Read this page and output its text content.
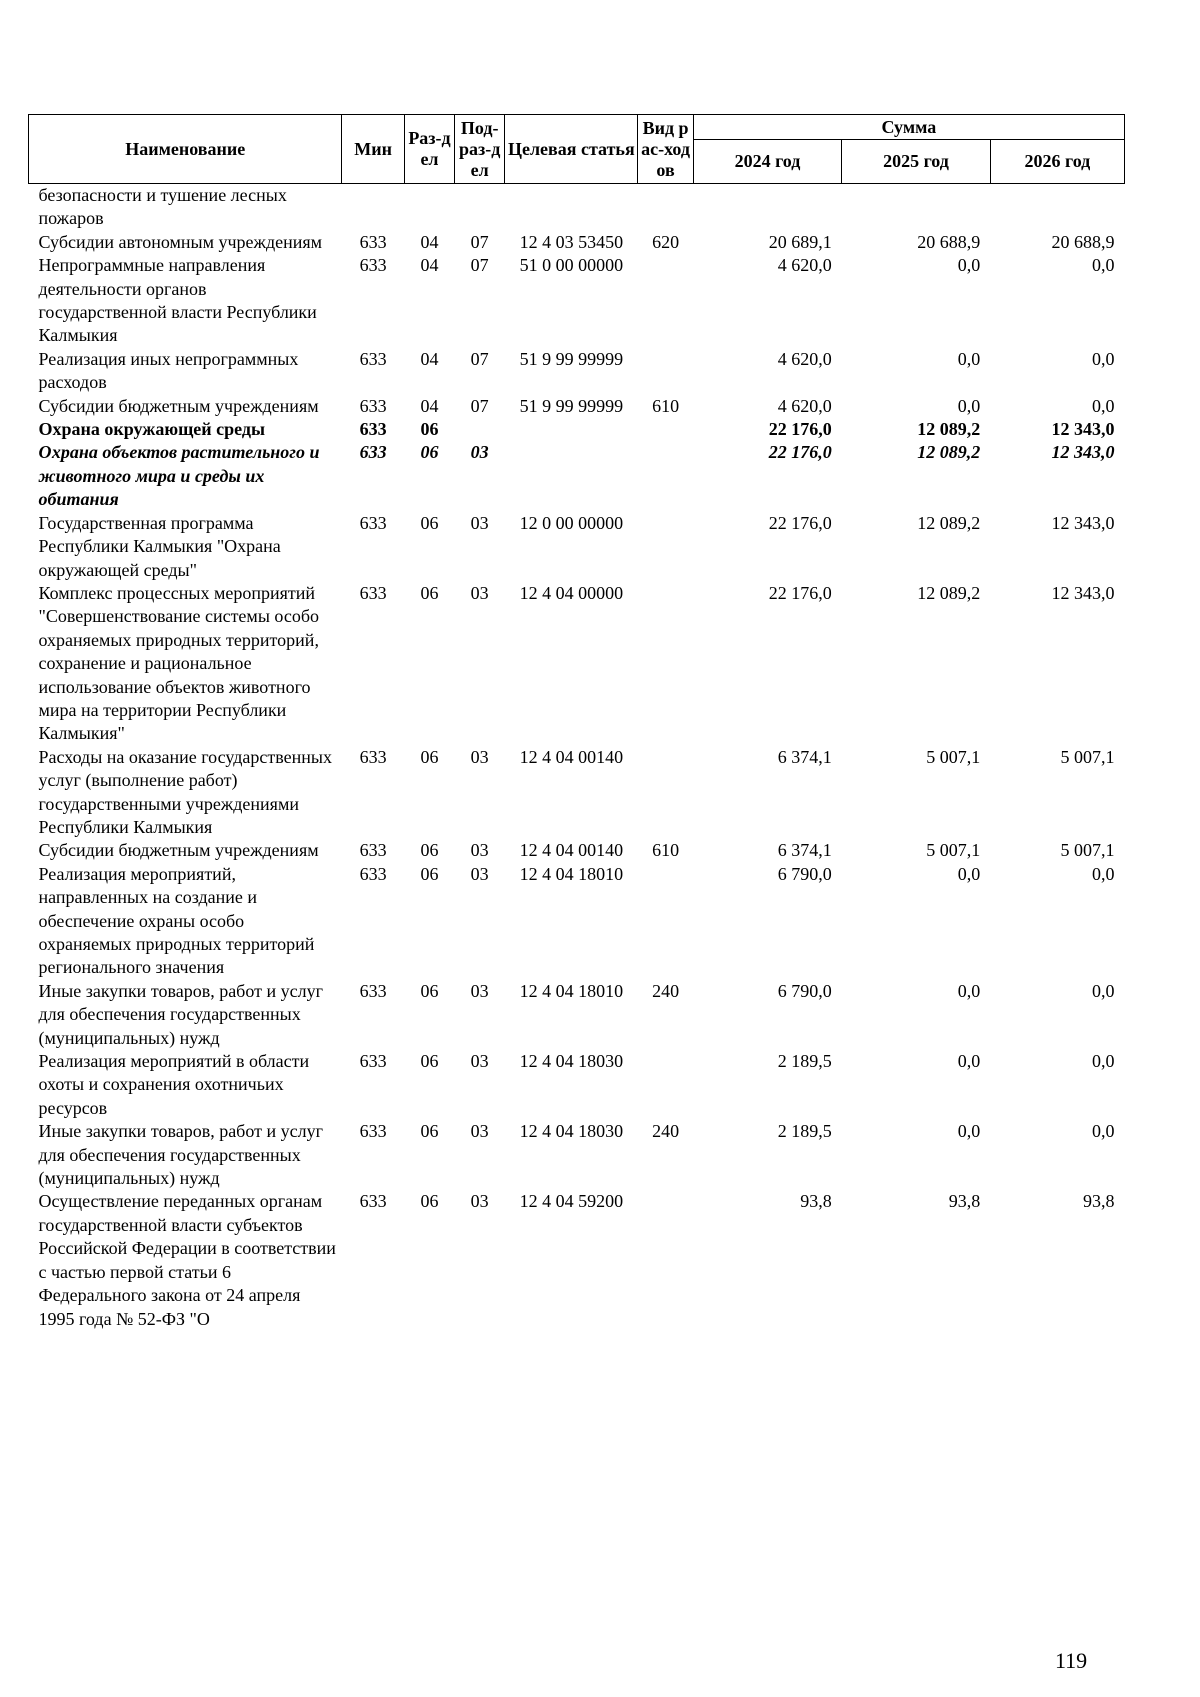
Наименование	Мин	Раз-дел	Под-раз-дел	Целевая статья	Вид рас-ходов	Сумма		
						2024 год	2025 год	2026 год
безопасности и тушение лесных пожаров								
Субсидии автономным учреждениям	633	04	07	12 4 03 53450	620	20 689,1	20 688,9	20 688,9
Непрограммные направления деятельности органов государственной власти Республики Калмыкия	633	04	07	51 0 00 00000		4 620,0	0,0	0,0
Реализация иных непрограммных расходов	633	04	07	51 9 99 99999		4 620,0	0,0	0,0
Субсидии бюджетным учреждениям	633	04	07	51 9 99 99999	610	4 620,0	0,0	0,0
Охрана окружающей среды	633	06				22 176,0	12 089,2	12 343,0
Охрана объектов растительного и животного мира и среды их обитания	633	06	03			22 176,0	12 089,2	12 343,0
Государственная программа Республики Калмыкия "Охрана окружающей среды"	633	06	03	12 0 00 00000		22 176,0	12 089,2	12 343,0
Комплекс процессных мероприятий "Совершенствование системы особо охраняемых природных территорий, сохранение и рациональное использование объектов животного мира на территории Республики Калмыкия"	633	06	03	12 4 04 00000		22 176,0	12 089,2	12 343,0
Расходы на оказание государственных услуг (выполнение работ) государственными учреждениями Республики Калмыкия	633	06	03	12 4 04 00140		6 374,1	5 007,1	5 007,1
Субсидии бюджетным учреждениям	633	06	03	12 4 04 00140	610	6 374,1	5 007,1	5 007,1
Реализация мероприятий, направленных на создание и обеспечение охраны особо охраняемых природных территорий регионального значения	633	06	03	12 4 04 18010		6 790,0	0,0	0,0
Иные закупки товаров, работ и услуг для обеспечения государственных (муниципальных) нужд	633	06	03	12 4 04 18010	240	6 790,0	0,0	0,0
Реализация мероприятий в области охоты и сохранения охотничьих ресурсов	633	06	03	12 4 04 18030		2 189,5	0,0	0,0
Иные закупки товаров, работ и услуг для обеспечения государственных (муниципальных) нужд	633	06	03	12 4 04 18030	240	2 189,5	0,0	0,0
Осуществление переданных органам государственной власти субъектов Российской Федерации в соответствии с частью первой статьи 6 Федерального закона от 24 апреля 1995 года № 52-ФЗ "О	633	06	03	12 4 04 59200		93,8	93,8	93,8
119
